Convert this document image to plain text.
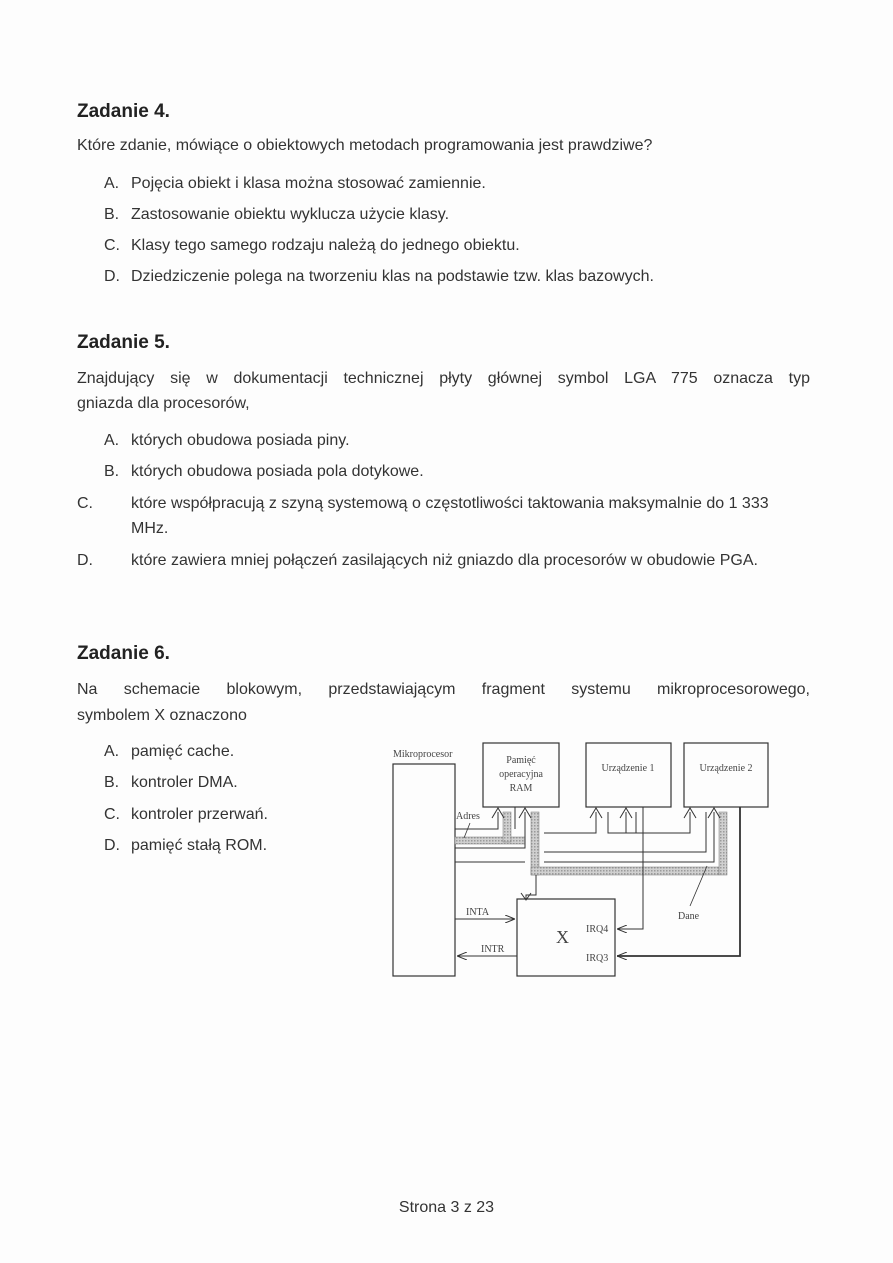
Zadanie 4.

Które zdanie, mówiące o obiektowych metodach programowania jest prawdziwe?

A. Pojęcia obiekt i klasa można stosować zamiennie.
B. Zastosowanie obiektu wyklucza użycie klasy.
C. Klasy tego samego rodzaju należą do jednego obiektu.
D. Dziedziczenie polega na tworzeniu klas na podstawie tzw. klas bazowych.
Zadanie 5.

Znajdujący się w dokumentacji technicznej płyty głównej symbol LGA 775 oznacza typ

gniazda dla procesorów,

A. których obudowa posiada piny.
B. których obudowa posiada pola dotykowe.
C. które współpracują z szyną systemową o częstotliwości taktowania maksymalnie do 1 333 MHz.
D. które zawiera mniej połączeń zasilających niż gniazdo dla procesorów w obudowie PGA.
Zadanie 6.

Na schemacie blokowym, przedstawiającym fragment systemu mikroprocesorowego,

symbolem X oznaczono

A. pamięć cache.
B. kontroler DMA.
C. kontroler przerwań.
D. pamięć stałą ROM.
Mikroprocesor
Pamięć
operacyjna
RAM
Urządzenie 1	Urządzenie 2
Adres
Dane
X IRQ4
IRQ3
INTA
INTR
Strona 3 z 23
